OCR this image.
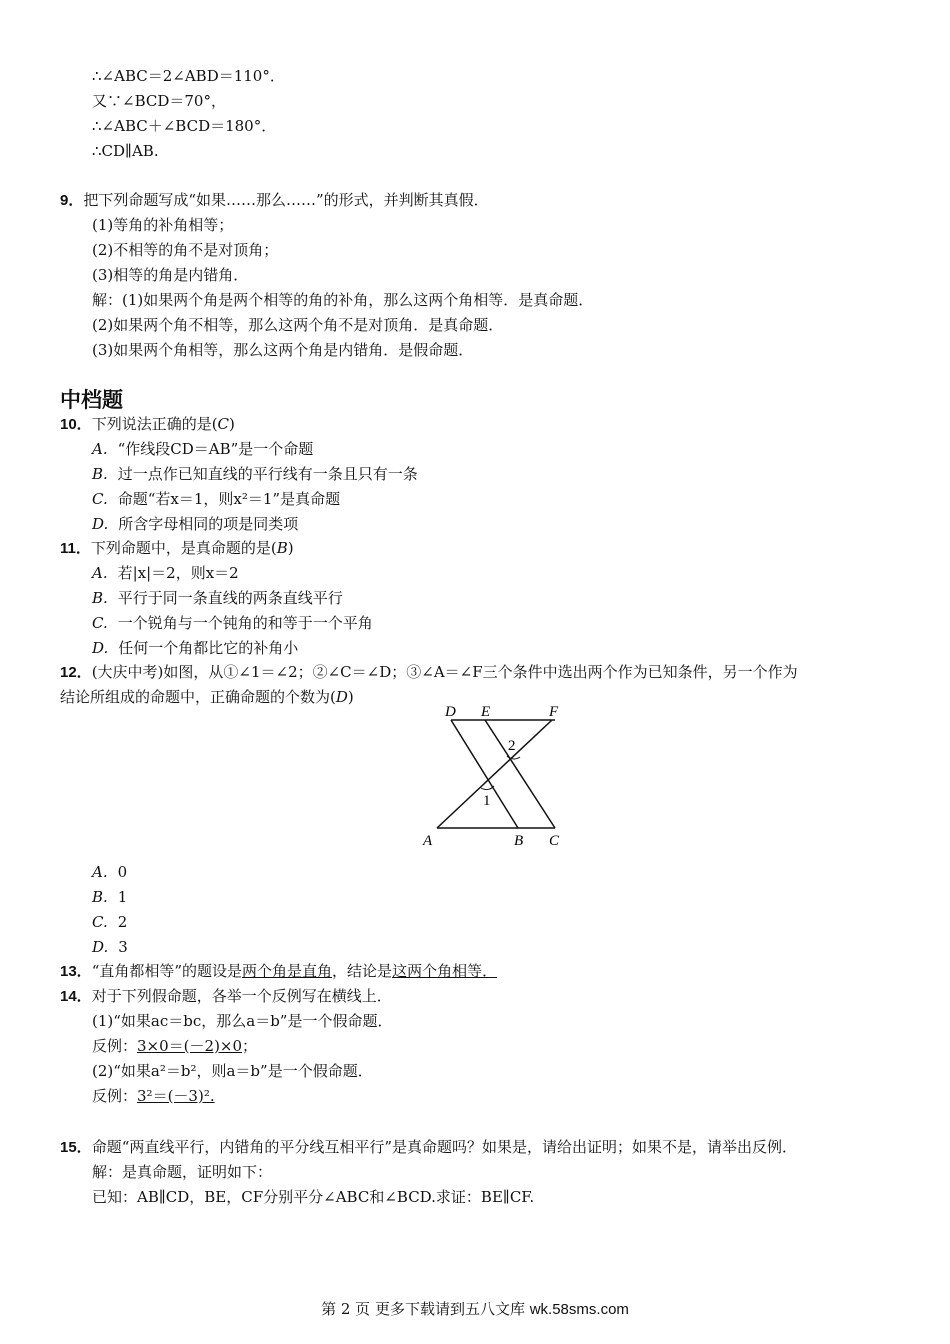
∴∠ABC＝2∠ABD＝110°．
又∵∠BCD＝70°，
∴∠ABC＋∠BCD＝180°．
∴CD∥AB.
9．把下列命题写成“如果……那么……”的形式，并判断其真假．
(1)等角的补角相等；
(2)不相等的角不是对顶角；
(3)相等的角是内错角．
解：(1)如果两个角是两个相等的角的补角，那么这两个角相等．是真命题．
(2)如果两个角不相等，那么这两个角不是对顶角．是真命题．
(3)如果两个角相等，那么这两个角是内错角．是假命题．
中档题
10．下列说法正确的是(C)
A. “作线段CD＝AB”是一个命题
B. 过一点作已知直线的平行线有一条且只有一条
C. 命题“若x＝1，则x²＝1”是真命题
D. 所含字母相同的项是同类项
11．下列命题中，是真命题的是(B)
A. 若|x|＝2，则x＝2
B. 平行于同一条直线的两条直线平行
C. 一个锐角与一个钝角的和等于一个平角
D. 任何一个角都比它的补角小
12．(大庆中考)如图，从①∠1＝∠2；②∠C＝∠D；③∠A＝∠F三个条件中选出两个作为已知条件，另一个作为
结论所组成的命题中，正确命题的个数为(D)
D E	F
A	B C
1
2
A. 0
B. 1
C. 2
D. 3
13．“直角都相等”的题设是两个角是直角，结论是这两个角相等．
14．对于下列假命题，各举一个反例写在横线上．
(1)“如果ac＝bc，那么a＝b”是一个假命题．
反例：3×0＝(－2)×0；
(2)“如果a²＝b²，则a＝b”是一个假命题．
反例：3²＝(－3)².
15．命题“两直线平行，内错角的平分线互相平行”是真命题吗？如果是，请给出证明；如果不是，请举出反例．
解：是真命题，证明如下：
已知：AB∥CD，BE，CF分别平分∠ABC和∠BCD.求证：BE∥CF.
第 2 页 更多下载请到五八文库 wk.58sms.com
